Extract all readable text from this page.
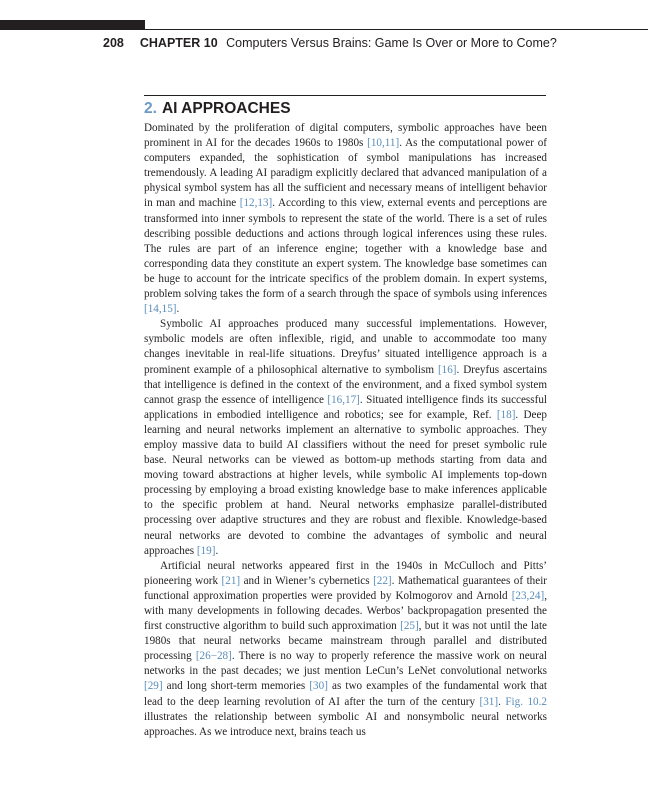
208 CHAPTER 10 Computers Versus Brains: Game Is Over or More to Come?
2. AI APPROACHES

Dominated by the proliferation of digital computers, symbolic approaches have been prominent in AI for the decades 1960s to 1980s [10,11]. As the computational power of computers expanded, the sophistication of symbol manipulations has increased tremendously. A leading AI paradigm explicitly declared that advanced manipulation of a physical symbol system has all the sufficient and necessary means of intelligent behavior in man and machine [12,13]. According to this view, external events and perceptions are transformed into inner symbols to represent the state of the world. There is a set of rules describing possible deductions and actions through logical inferences using these rules. The rules are part of an inference engine; together with a knowledge base and corresponding data they constitute an expert system. The knowledge base sometimes can be huge to account for the intricate specifics of the problem domain. In expert systems, problem solving takes the form of a search through the space of symbols using inferences [14,15].

Symbolic AI approaches produced many successful implementations. However, symbolic models are often inflexible, rigid, and unable to accommodate too many changes inevitable in real-life situations. Dreyfus’ situated intelligence approach is a prominent example of a philosophical alternative to symbolism [16]. Dreyfus ascertains that intelligence is defined in the context of the environment, and a fixed symbol system cannot grasp the essence of intelligence [16,17]. Situated intelligence finds its successful applications in embodied intelligence and robotics; see for example, Ref. [18]. Deep learning and neural networks implement an alternative to symbolic approaches. They employ massive data to build AI classifiers without the need for preset symbolic rule base. Neural networks can be viewed as bottom-up methods starting from data and moving toward abstractions at higher levels, while symbolic AI implements top-down processing by employing a broad existing knowledge base to make inferences applicable to the specific problem at hand. Neural networks emphasize parallel-distributed processing over adaptive structures and they are robust and flexible. Knowledge-based neural networks are devoted to combine the advantages of symbolic and neural approaches [19].

Artificial neural networks appeared first in the 1940s in McCulloch and Pitts’ pioneering work [21] and in Wiener’s cybernetics [22]. Mathematical guarantees of their functional approximation properties were provided by Kolmogorov and Arnold [23,24], with many developments in following decades. Werbos’ backpropagation presented the first constructive algorithm to build such approximation [25], but it was not until the late 1980s that neural networks became mainstream through parallel and distributed processing [26−28]. There is no way to properly reference the massive work on neural networks in the past decades; we just mention LeCun’s LeNet convolutional networks [29] and long short-term memories [30] as two examples of the fundamental work that lead to the deep learning revolution of AI after the turn of the century [31]. Fig. 10.2 illustrates the relationship between symbolic AI and nonsymbolic neural networks approaches. As we introduce next, brains teach us
